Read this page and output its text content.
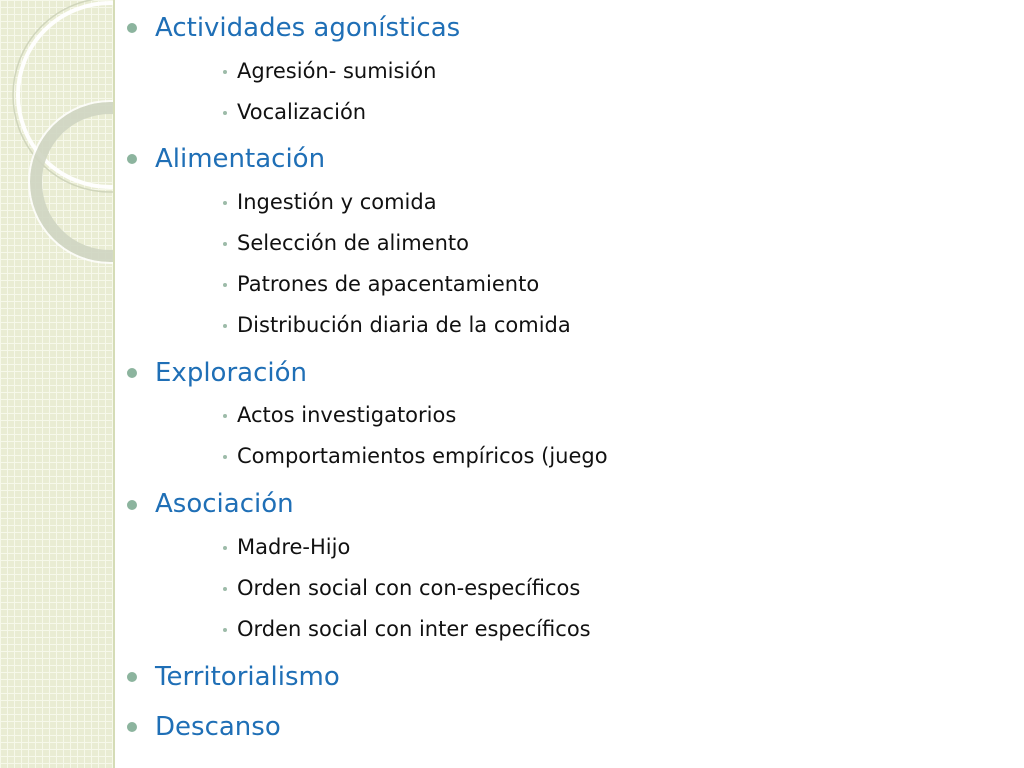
Actividades agonísticas
Agresión- sumisión
Vocalización
Alimentación
Ingestión y comida
Selección de alimento
Patrones de apacentamiento
Distribución diaria de la comida
Exploración
Actos investigatorios
Comportamientos empíricos (juego
Asociación
Madre-Hijo
Orden social con con-específicos
Orden social con inter específicos
Territorialismo
Descanso
